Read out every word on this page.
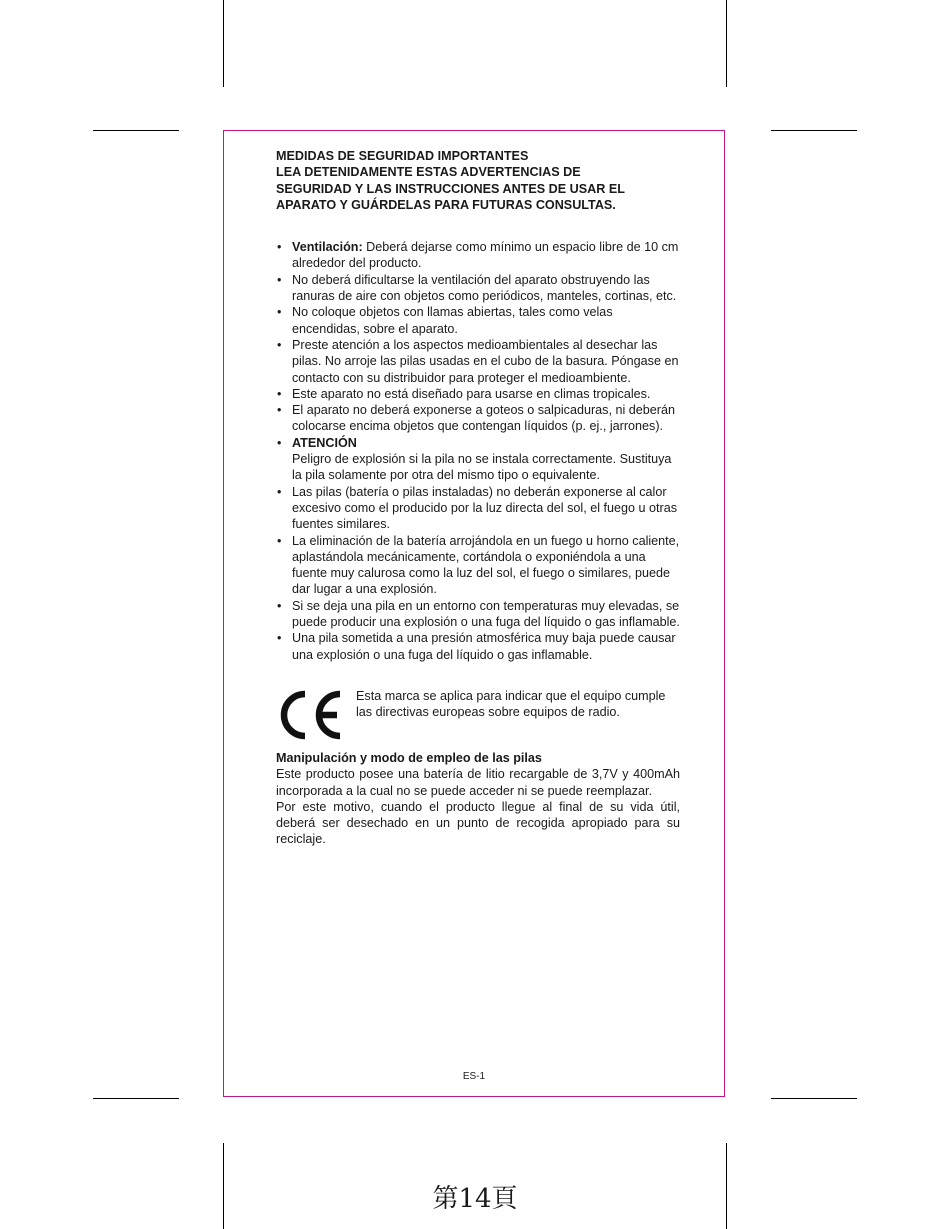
MEDIDAS DE SEGURIDAD IMPORTANTES
LEA DETENIDAMENTE ESTAS ADVERTENCIAS DE
SEGURIDAD Y LAS INSTRUCCIONES ANTES DE USAR EL
APARATO Y GUÁRDELAS PARA FUTURAS CONSULTAS.
• Ventilación: Deberá dejarse como mínimo un espacio libre de 10 cm alrededor del producto.
• No deberá dificultarse la ventilación del aparato obstruyendo las ranuras de aire con objetos como periódicos, manteles, cortinas, etc.
• No coloque objetos con llamas abiertas, tales como velas encendidas, sobre el aparato.
• Preste atención a los aspectos medioambientales al desechar las pilas. No arroje las pilas usadas en el cubo de la basura. Póngase en contacto con su distribuidor para proteger el medioambiente.
• Este aparato no está diseñado para usarse en climas tropicales.
• El aparato no deberá exponerse a goteos o salpicaduras, ni deberán colocarse encima objetos que contengan líquidos (p. ej., jarrones).
• ATENCIÓN
Peligro de explosión si la pila no se instala correctamente. Sustituya la pila solamente por otra del mismo tipo o equivalente.
• Las pilas (batería o pilas instaladas) no deberán exponerse al calor excesivo como el producido por la luz directa del sol, el fuego u otras fuentes similares.
• La eliminación de la batería arrojándola en un fuego u horno caliente, aplastándola mecánicamente, cortándola o exponiéndola a una fuente muy calurosa como la luz del sol, el fuego o similares, puede dar lugar a una explosión.
• Si se deja una pila en un entorno con temperaturas muy elevadas, se puede producir una explosión o una fuga del líquido o gas inflamable.
• Una pila sometida a una presión atmosférica muy baja puede causar una explosión o una fuga del líquido o gas inflamable.
Esta marca se aplica para indicar que el equipo cumple las directivas europeas sobre equipos de radio.
Manipulación y modo de empleo de las pilas
Este producto posee una batería de litio recargable de 3,7V y 400mAh incorporada a la cual no se puede acceder ni se puede reemplazar.
Por este motivo, cuando el producto llegue al final de su vida útil, deberá ser desechado en un punto de recogida apropiado para su reciclaje.
ES-1
第14頁
